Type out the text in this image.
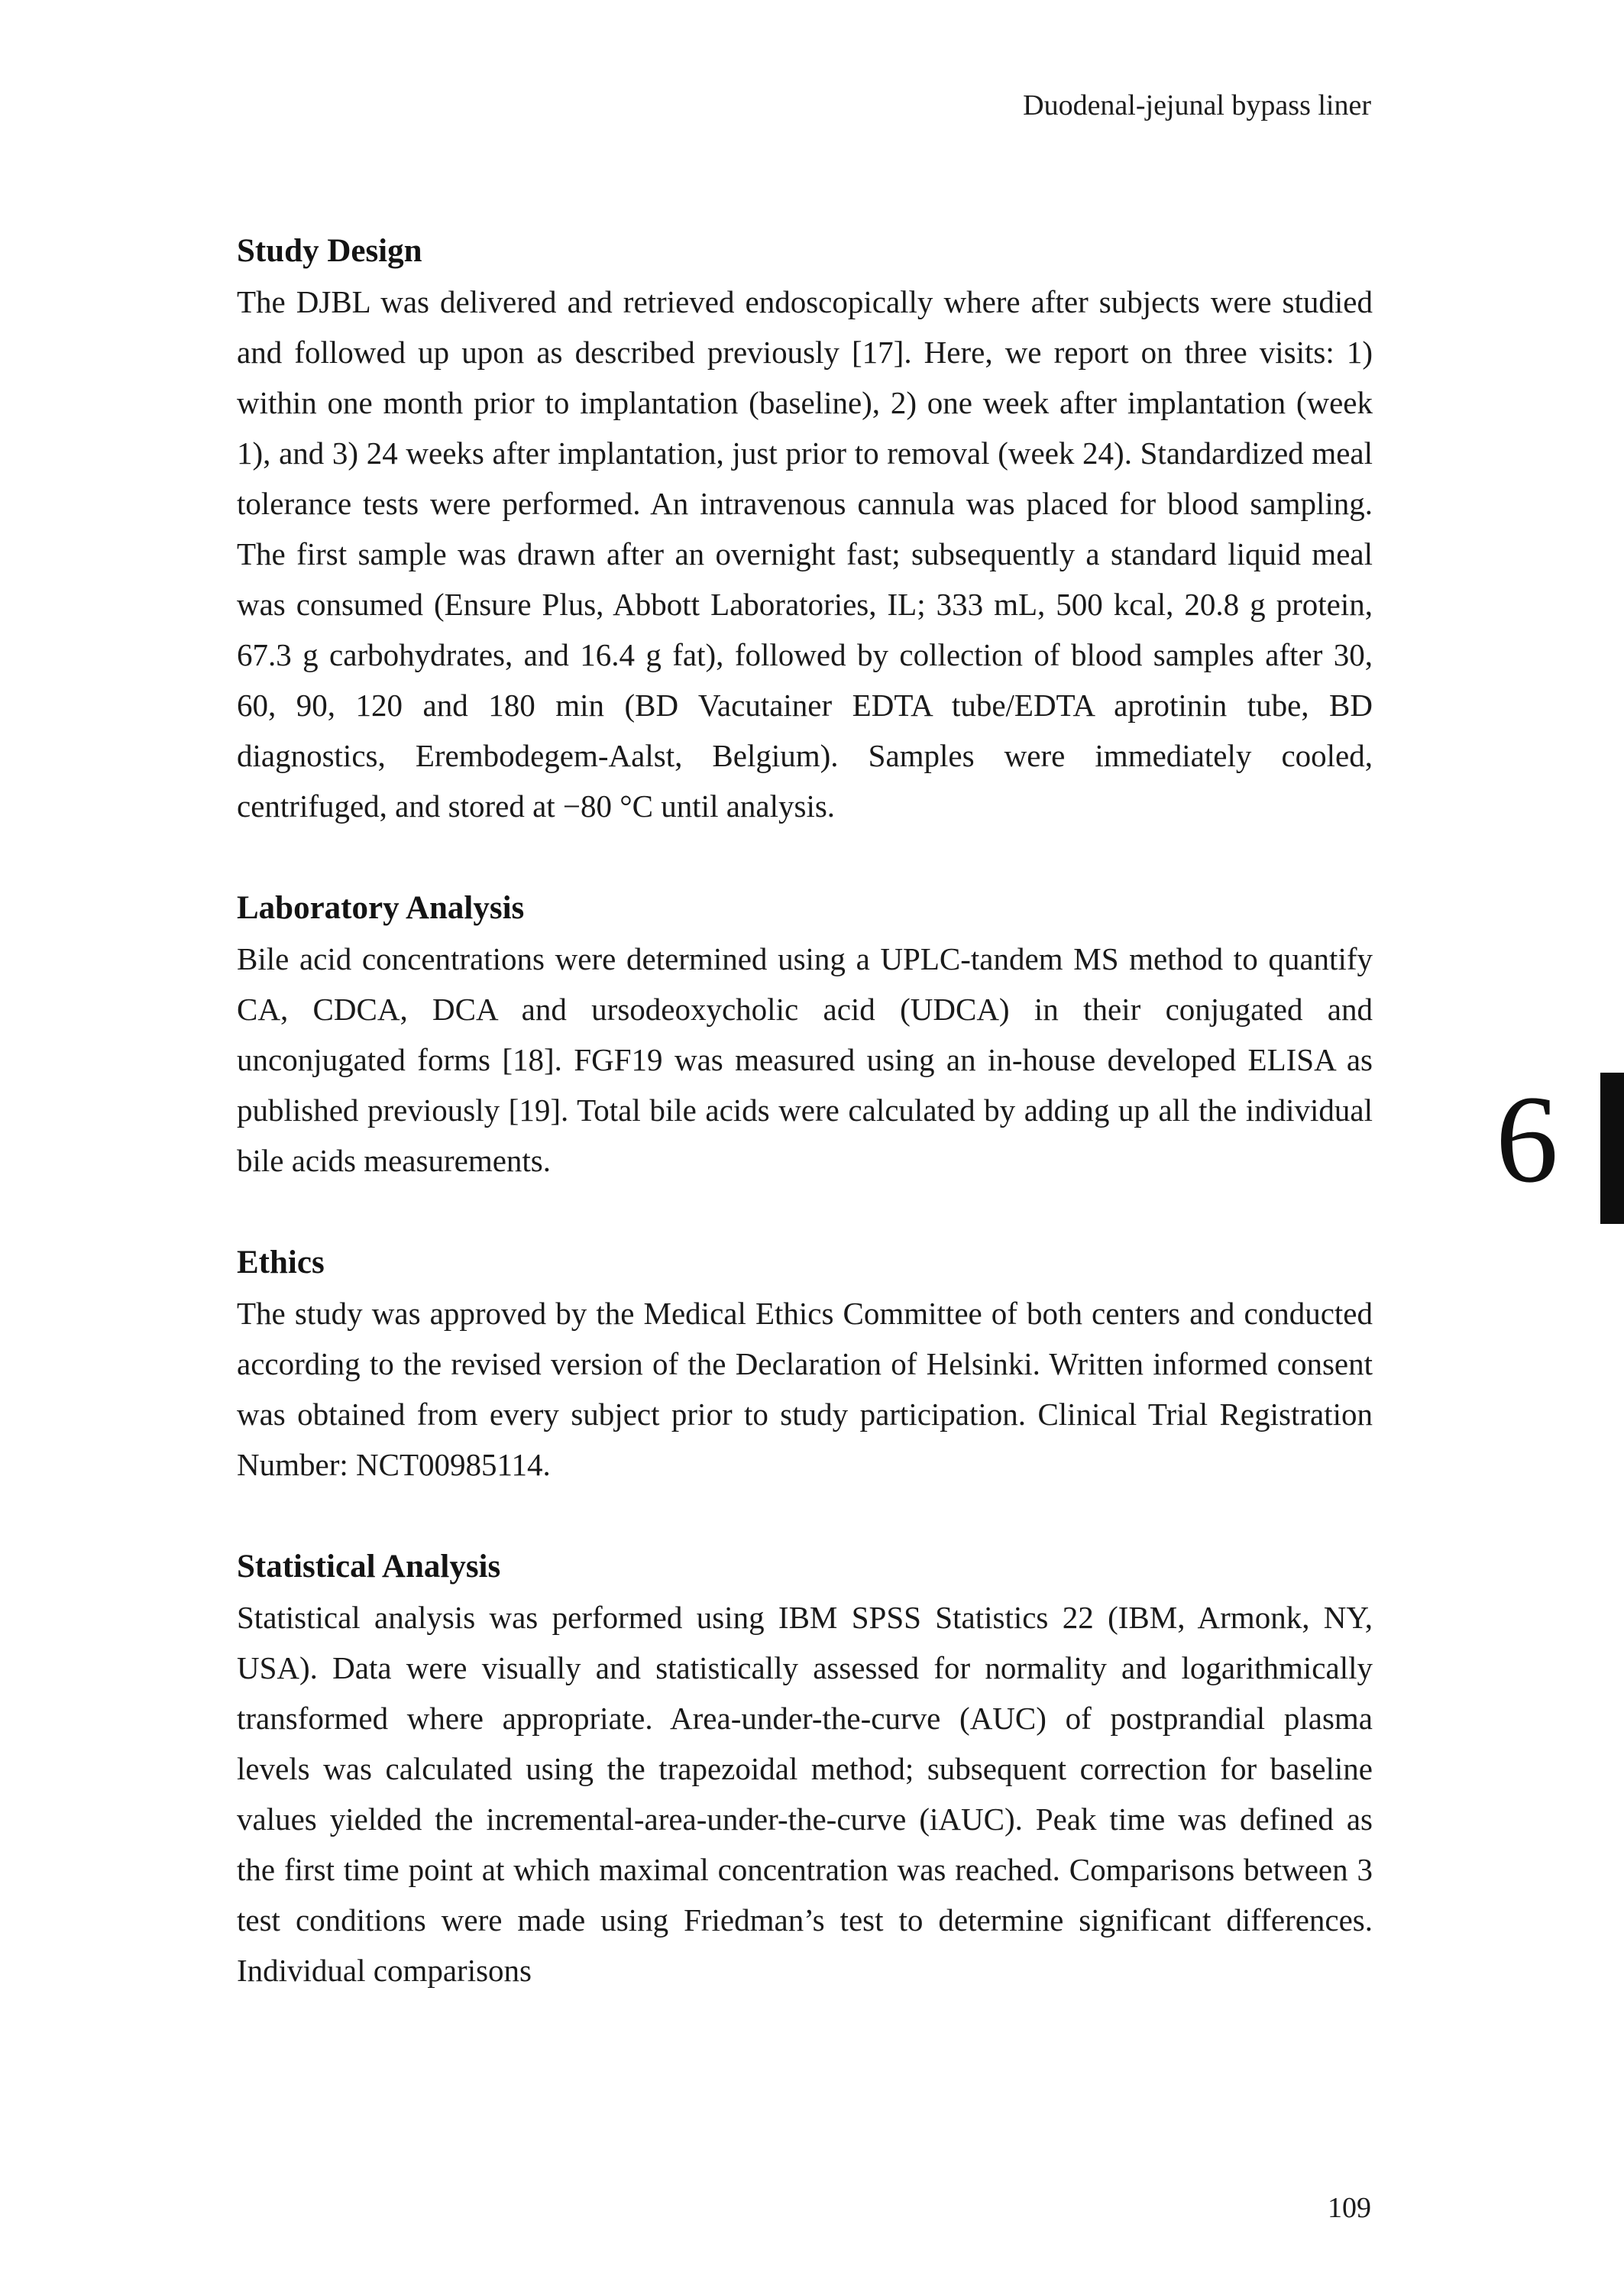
Duodenal-jejunal bypass liner
Study Design

The DJBL was delivered and retrieved endoscopically where after subjects were studied and followed up upon as described previously [17]. Here, we report on three visits: 1) within one month prior to implantation (baseline), 2) one week after implantation (week 1), and 3) 24 weeks after implantation, just prior to removal (week 24). Standardized meal tolerance tests were performed. An intravenous cannula was placed for blood sampling. The first sample was drawn after an overnight fast; subsequently a standard liquid meal was consumed (Ensure Plus, Abbott Laboratories, IL; 333 mL, 500 kcal, 20.8 g protein, 67.3 g carbohydrates, and 16.4 g fat), followed by collection of blood samples after 30, 60, 90, 120 and 180 min (BD Vacutainer EDTA tube/EDTA aprotinin tube, BD diagnostics, Erembodegem-Aalst, Belgium). Samples were immediately cooled, centrifuged, and stored at −80 °C until analysis.

Laboratory Analysis

Bile acid concentrations were determined using a UPLC-tandem MS method to quantify CA, CDCA, DCA and ursodeoxycholic acid (UDCA) in their conjugated and unconjugated forms [18]. FGF19 was measured using an in-house developed ELISA as published previously [19]. Total bile acids were calculated by adding up all the individual bile acids measurements.

Ethics

The study was approved by the Medical Ethics Committee of both centers and conducted according to the revised version of the Declaration of Helsinki. Written informed consent was obtained from every subject prior to study participation. Clinical Trial Registration Number: NCT00985114.

Statistical Analysis

Statistical analysis was performed using IBM SPSS Statistics 22 (IBM, Armonk, NY, USA). Data were visually and statistically assessed for normality and logarithmically transformed where appropriate. Area-under-the-curve (AUC) of postprandial plasma levels was calculated using the trapezoidal method; subsequent correction for baseline values yielded the incremental-area-under-the-curve (iAUC). Peak time was defined as the first time point at which maximal concentration was reached. Comparisons between 3 test conditions were made using Friedman’s test to determine significant differences. Individual comparisons

6
109
